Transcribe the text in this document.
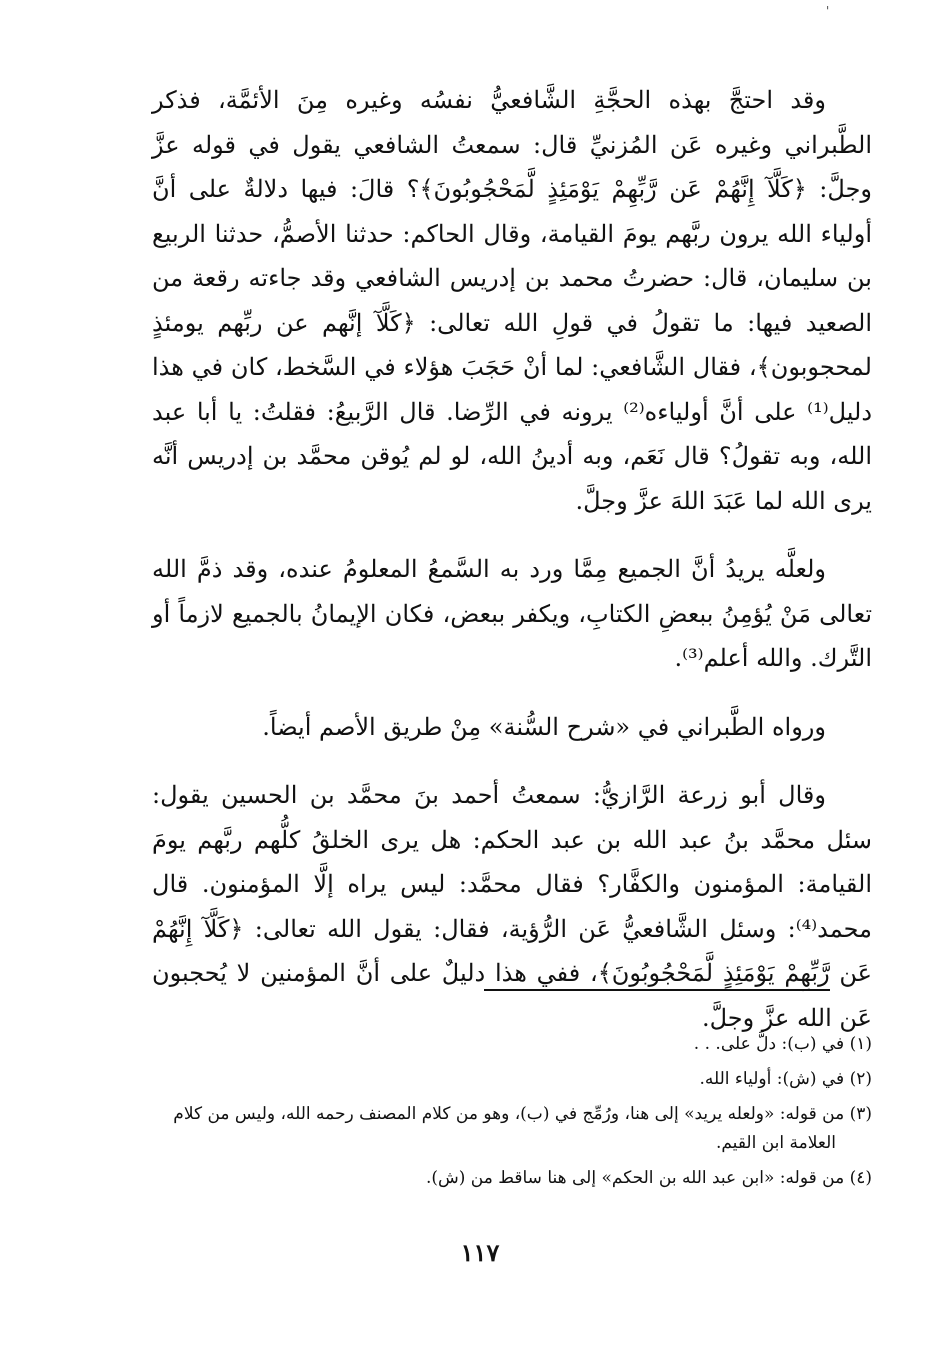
'

وقد احتجَّ بهذه الحجَّةِ الشَّافعيُّ نفسُه وغيره مِنَ الأئمَّة، فذكر الطَّبراني وغيره عَن المُزنيِّ قال: سمعتُ الشافعي يقول في قوله عزَّ وجلَّ: ﴿كَلَّآ إِنَّهُمْ عَن رَّبِّهِمْ يَوْمَئِذٍ لَّمَحْجُوبُونَ﴾؟ قالَ: فيها دلالةٌ على أنَّ أولياء الله يرون ربَّهم يومَ القيامة، وقال الحاكم: حدثنا الأصمُّ، حدثنا الربيع بن سليمان، قال: حضرتُ محمد بن إدريس الشافعي وقد جاءته رقعة من الصعيد فيها: ما تقولُ في قولِ الله تعالى: ﴿كَلَّآ إنَّهم عن ربِّهم يومئذٍ لمحجوبون﴾، فقال الشَّافعي: لما أنْ حَجَبَ هؤلاء في السَّخط، كان في هذا دليل⁽¹⁾ على أنَّ أولياءه⁽²⁾ يرونه في الرِّضا. قال الرَّبيعُ: فقلتُ: يا أبا عبد الله، وبه تقولُ؟ قال نَعَم، وبه أدينُ الله، لو لم يُوقن محمَّد بن إدريس أنَّه يرى الله لما عَبَدَ اللهَ عزَّ وجلَّ.

ولعلَّه يريدُ أنَّ الجميع مِمَّا ورد به السَّمعُ المعلومُ عنده، وقد ذمَّ الله تعالى مَنْ يُؤمِنُ ببعضِ الكتابِ، ويكفر ببعض، فكان الإيمانُ بالجميع لازماً أو التَّرك. والله أعلم⁽³⁾.

ورواه الطَّبراني في «شرح السُّنة» مِنْ طريق الأصم أيضاً.

وقال أبو زرعة الرَّازيُّ: سمعتُ أحمد بنَ محمَّد بن الحسين يقول: سئل محمَّد بنُ عبد الله بن عبد الحكم: هل يرى الخلقُ كلُّهم ربَّهم يومَ القيامة: المؤمنون والكفَّار؟ فقال محمَّد: ليس يراه إلَّا المؤمنون. قال محمد⁽⁴⁾: وسئل الشَّافعيُّ عَن الرُّؤية، فقال: يقول الله تعالى: ﴿كَلَّآ إِنَّهُمْ عَن رَّبِّهِمْ يَوْمَئِذٍ لَّمَحْجُوبُونَ﴾، ففي هذا دليلٌ على أنَّ المؤمنين لا يُحجبون عَن الله عزَّ وجلَّ.

(١) في (ب): دلَّ على. . .

(٢) في (ش): أولياء الله.

(٣) من قوله: «ولعله يريد» إلى هنا، ورُمِّج في (ب)، وهو من كلام المصنف رحمه الله، وليس من كلام العلامة ابن القيم.

(٤) من قوله: «ابن عبد الله بن الحكم» إلى هنا ساقط من (ش).

١١٧
